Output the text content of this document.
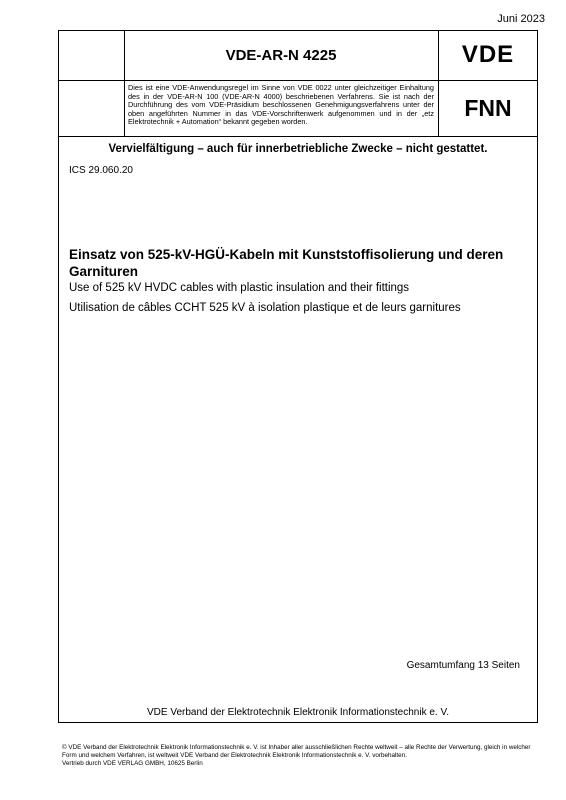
Juni 2023
VDE-AR-N 4225	VDE
Dies ist eine VDE-Anwendungsregel im Sinne von VDE 0022 unter gleichzeitiger Einhaltung des in der VDE-AR-N 100 (VDE-AR-N 4000) beschriebenen Verfahrens. Sie ist nach der Durchführung des vom VDE-Präsidium beschlossenen Genehmigungsverfahrens unter der oben angeführten Nummer in das VDE-Vorschriftenwerk aufgenommen und in der „etz Elektrotechnik + Automation“ bekannt gegeben worden.
FNN
Vervielfältigung – auch für innerbetriebliche Zwecke – nicht gestattet.
ICS 29.060.20
Einsatz von 525-kV-HGÜ-Kabeln mit Kunststoffisolierung und deren Garnituren
Use of 525 kV HVDC cables with plastic insulation and their fittings
Utilisation de câbles CCHT 525 kV à isolation plastique et de leurs garnitures
Gesamtumfang 13 Seiten
VDE Verband der Elektrotechnik Elektronik Informationstechnik e. V.
© VDE Verband der Elektrotechnik Elektronik Informationstechnik e. V. ist Inhaber aller ausschließlichen Rechte weltweit – alle Rechte der Verwertung, gleich in welcher Form und welchem Verfahren, ist weltweit VDE Verband der Elektrotechnik Elektronik Informationstechnik e. V. vorbehalten.
Vertrieb durch VDE VERLAG GMBH, 10625 Berlin
